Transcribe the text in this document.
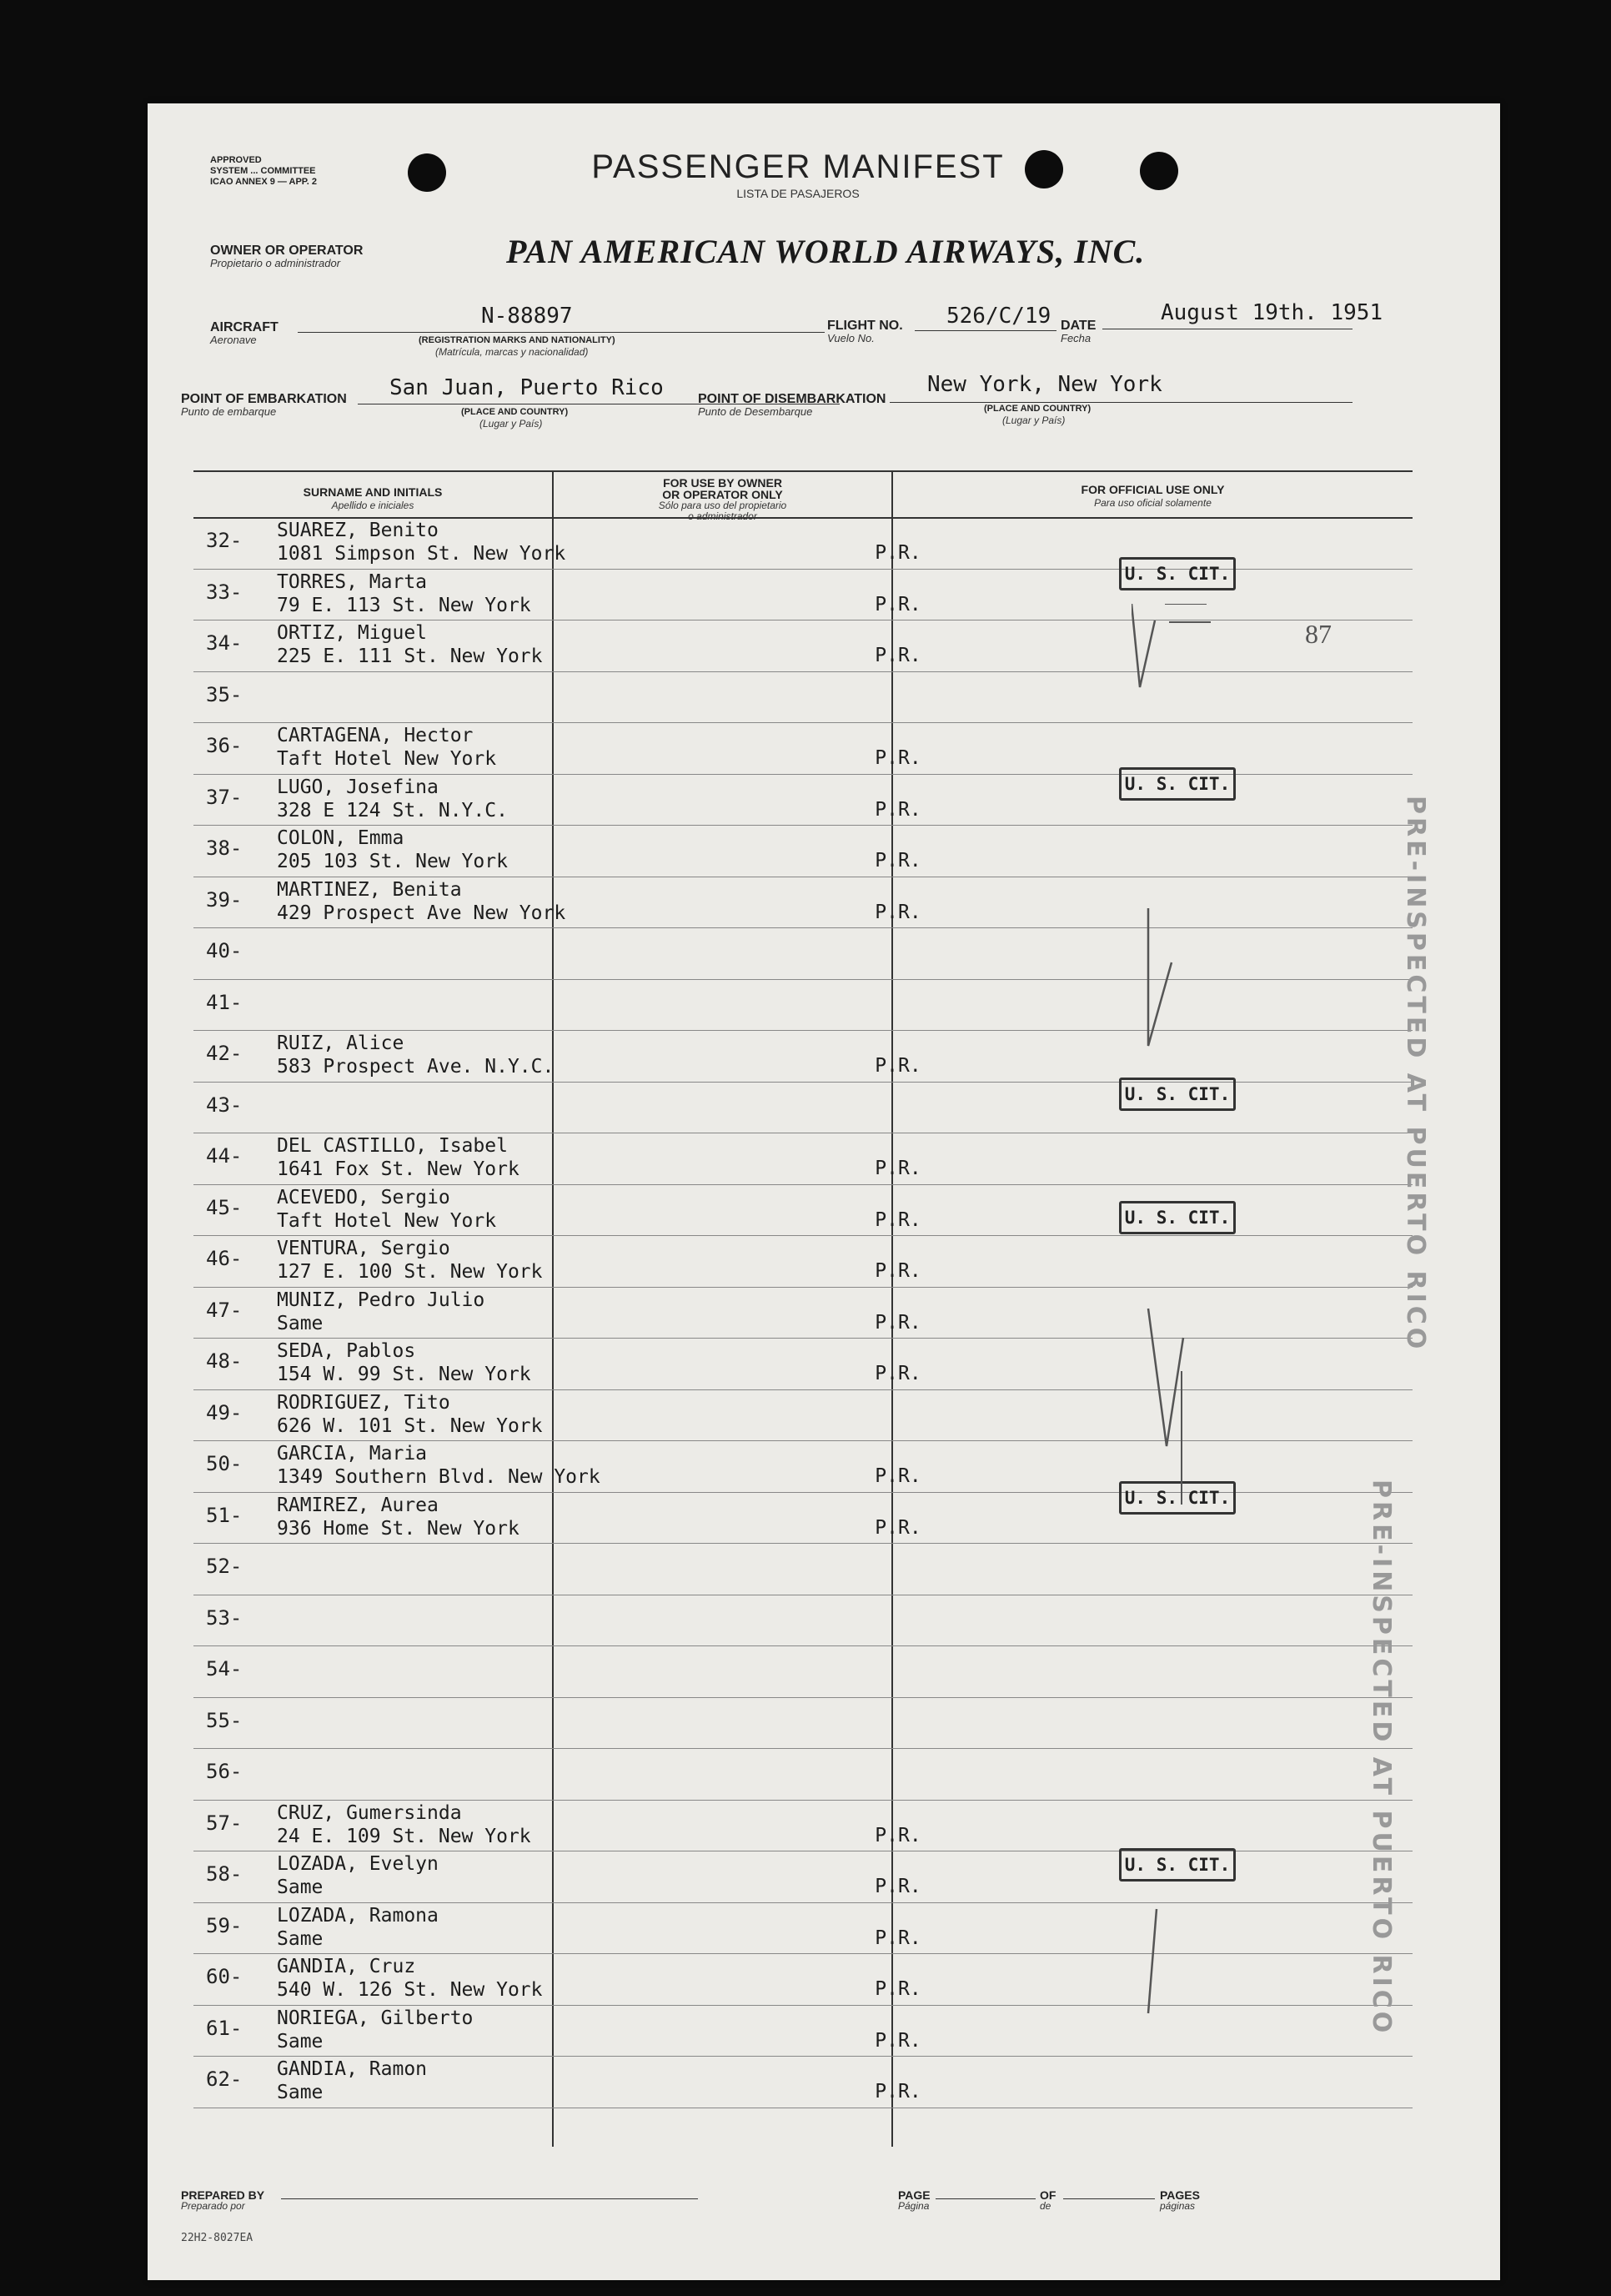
APPROVED
SYSTEM ... COMMITTEE
ICAO ANNEX 9 — APP. 2	PASSENGER MANIFEST
LISTA DE PASAJEROS
OWNER OR OPERATOR
Propietario o administrador	PAN AMERICAN WORLD AIRWAYS, INC.
AIRCRAFT
Aeronave
N-88897
(REGISTRATION MARKS AND NATIONALITY)
(Matrícula, marcas y nacionalidad)
FLIGHT NO.
Vuelo No.
526/C/19 DATE
Fecha
August 19th. 1951
POINT OF EMBARKATION
Punto de embarque
San Juan, Puerto Rico
(PLACE AND COUNTRY)
(Lugar y País)
POINT OF DISEMBARKATION
Punto de Desembarque
New York, New York
(PLACE AND COUNTRY)
(Lugar y País)
SURNAME AND INITIALS
Apellido e iniciales
FOR USE BY OWNER
OR OPERATOR ONLY
Sólo para uso del propietario
o administrador
FOR OFFICIAL USE ONLY
Para uso oficial solamente
32-	SUAREZ, Benito
1081 Simpson St. New York	P.R.
33-	TORRES, Marta
79 E. 113 St. New York	P.R.
34-	ORTIZ, Miguel
225 E. 111 St. New York	P.R.
35-
36-	CARTAGENA, Hector
Taft Hotel New York	P.R.
37-	LUGO, Josefina
328 E 124 St. N.Y.C.	P.R.
38-	COLON, Emma
205 103 St. New York	P.R.
39-	MARTINEZ, Benita
429 Prospect Ave New York	P.R.
40-
41-
42-	RUIZ, Alice
583 Prospect Ave. N.Y.C.	P.R.
43-
44-	DEL CASTILLO, Isabel
1641 Fox St. New York	P.R.
45-	ACEVEDO, Sergio
Taft Hotel New York	P.R.
46-	VENTURA, Sergio
127 E. 100 St. New York	P.R.
47-	MUNIZ, Pedro Julio
Same	P.R.
48-	SEDA, Pablos
154 W. 99 St. New York	P.R.
49-	RODRIGUEZ, Tito
626 W. 101 St. New York
50-	GARCIA, Maria
1349 Southern Blvd. New York	P.R.
51-	RAMIREZ, Aurea
936 Home St. New York	P.R.
52-
53-
54-
55-
56-
57-	CRUZ, Gumersinda
24 E. 109 St. New York	P.R.
58-	LOZADA, Evelyn
Same	P.R.
59-	LOZADA, Ramona
Same	P.R.
60-	GANDIA, Cruz
540 W. 126 St. New York	P.R.
61-	NORIEGA, Gilberto
Same	P.R.
62-	GANDIA, Ramon
Same	P.R.
U. S. CIT.
U. S. CIT.
U. S. CIT.
U. S. CIT.
U. S. CIT.
U. S. CIT.
87
PRE-INSPECTED AT PUERTO RICO
PRE-INSPECTED AT PUERTO RICO
PREPARED BY
Preparado por
PAGE
Página
OF
de
PAGES
páginas
22H2-8027EA
